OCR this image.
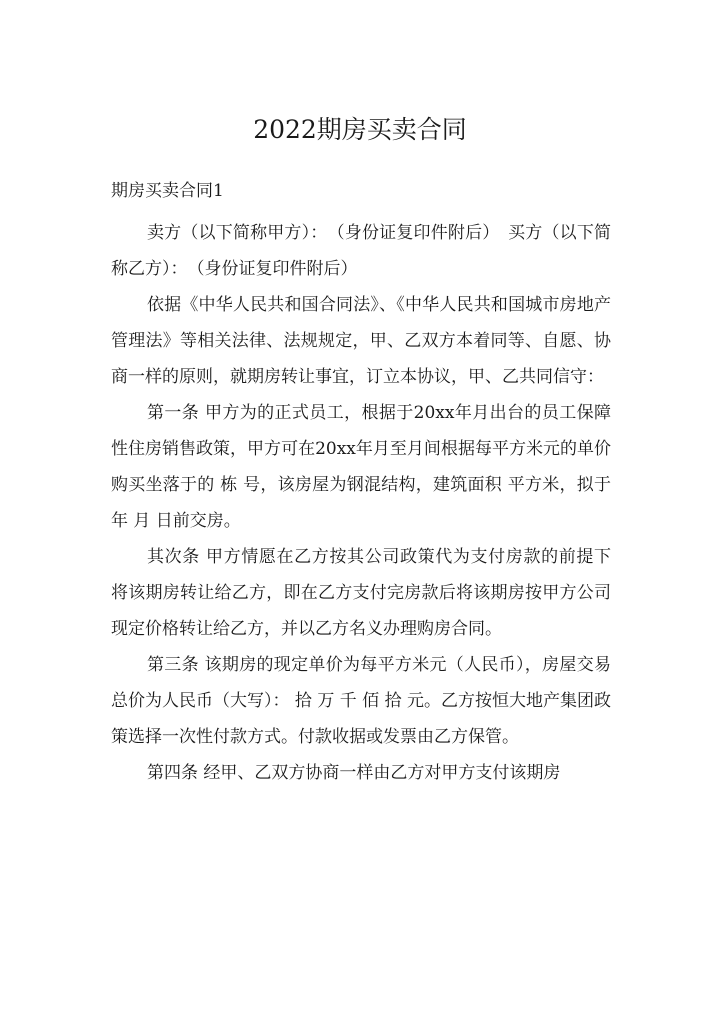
2022期房买卖合同

期房买卖合同1

卖方（以下简称甲方）：　（身份证复印件附后）　买方（以下简称乙方）：　（身份证复印件附后）

依据《中华人民共和国合同法》、《中华人民共和国城市房地产管理法》等相关法律、法规规定，甲、乙双方本着同等、自愿、协商一样的原则，就期房转让事宜，订立本协议，甲、乙共同信守：

第一条 甲方为的正式员工，根据于20xx年月出台的员工保障性住房销售政策，甲方可在20xx年月至月间根据每平方米元的单价购买坐落于的 栋 号，该房屋为钢混结构，建筑面积 平方米，拟于 年 月 日前交房。

其次条 甲方情愿在乙方按其公司政策代为支付房款的前提下将该期房转让给乙方，即在乙方支付完房款后将该期房按甲方公司现定价格转让给乙方，并以乙方名义办理购房合同。

第三条 该期房的现定单价为每平方米元（人民币），房屋交易总价为人民币（大写）： 拾 万 千 佰 拾 元。乙方按恒大地产集团政策选择一次性付款方式。付款收据或发票由乙方保管。

第四条 经甲、乙双方协商一样由乙方对甲方支付该期房
